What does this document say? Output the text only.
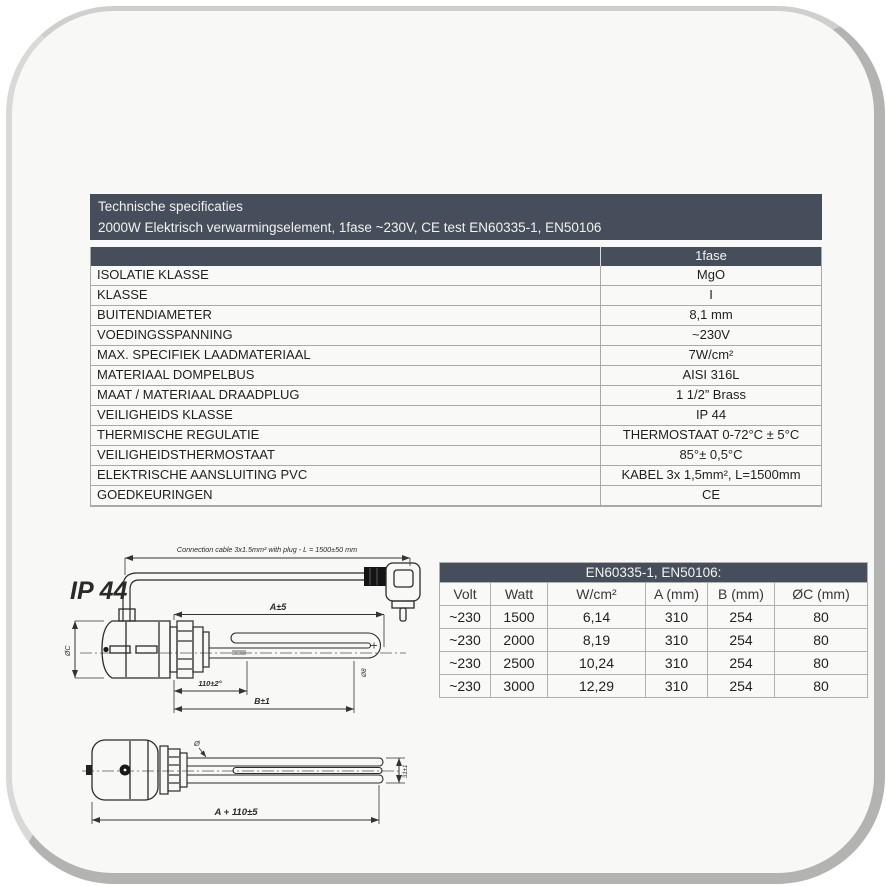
Technische specificaties
2000W Elektrisch verwarmingselement, 1fase ~230V, CE test EN60335-1, EN50106
1fase
ISOLATIE KLASSE	MgO
KLASSE	I
BUITENDIAMETER	8,1 mm
VOEDINGSSPANNING	~230V
MAX. SPECIFIEK LAADMATERIAAL	7W/cm²
MATERIAAL DOMPELBUS	AISI 316L
MAAT / MATERIAAL DRAADPLUG	1 1/2” Brass
VEILIGHEIDS KLASSE	IP 44
THERMISCHE REGULATIE	THERMOSTAAT 0-72°C ± 5°C
VEILIGHEIDSTHERMOSTAAT	85°± 0,5°C
ELEKTRISCHE AANSLUITING PVC	KABEL 3x 1,5mm², L=1500mm
GOEDKEURINGEN	CE
EN60335-1, EN50106:
Volt	Watt	W/cm²	A (mm)	B (mm)	ØC (mm)
~230	1500	6,14	310	254	80
~230	2000	8,19	310	254	80
~230	2500	10,24	310	254	80
~230	3000	12,29	310	254	80
Connection cable 3x1.5mm² with plug - L = 1500±50 mm
IP 44
A±5
Ø8
110±2°
B±1
ØC
Ø
31±1
A + 110±5
